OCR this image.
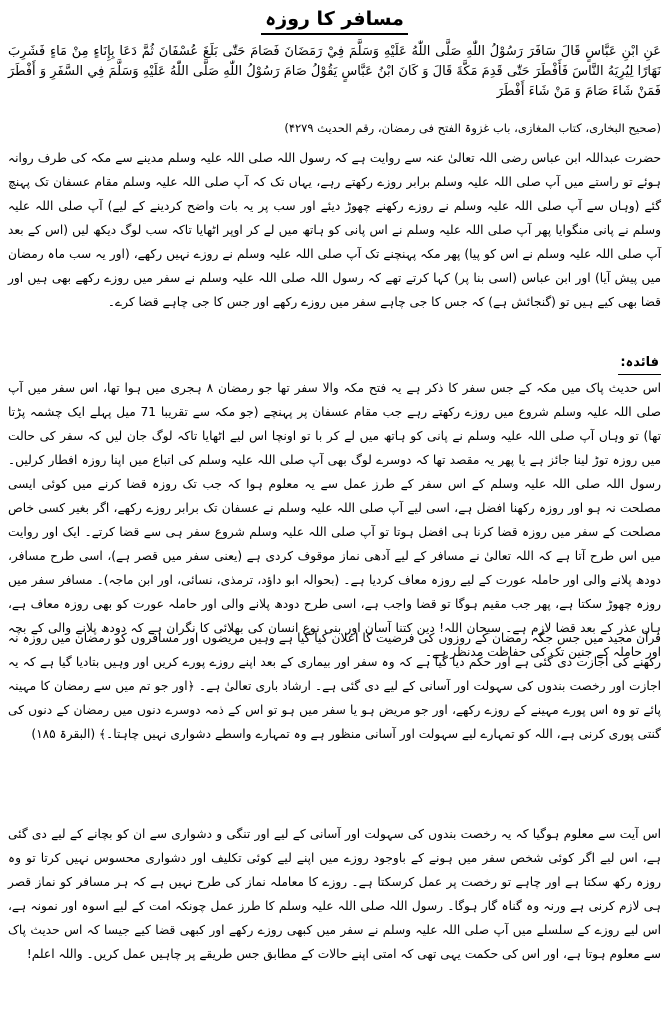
مسافر کا روزہ
عَنِ ابْنِ عَبَّاسٍ قَالَ سَافَرَ رَسُوْلُ اللّٰهِ صَلَّى اللّٰهُ عَلَيْهِ وَسَلَّمَ فِيْ رَمَضَانَ فَصَامَ حَتّٰى بَلَغَ عُسْفَانَ ثُمَّ دَعَا بِإِنَاءٍ مِنْ مَاءٍ فَشَرِبَ نَهَارًا لِيُرِيَهُ النَّاسَ فَأَفْطَرَ حَتّٰى قَدِمَ مَكَّةَ قَالَ وَ كَانَ ابْنُ عَبَّاسٍ يَقُوْلُ صَامَ رَسُوْلُ اللّٰهِ صَلَّى اللّٰهُ عَلَيْهِ وَسَلَّمَ فِي السَّفَرِ وَ أَفْطَرَ فَمَنْ شَاءَ صَامَ وَ مَنْ شَاءَ أَفْطَرَ
(صحیح البخاری، کتاب المغازی، باب غزوۃ الفتح فی رمضان، رقم الحدیث ۴۲۷۹)
حضرت عبداللہ ابن عباس رضی اللہ تعالیٰ عنہ سے روایت ہے کہ رسول اللہ صلی اللہ علیہ وسلم مدینے سے مکہ کی طرف روانہ ہوئے تو راستے میں آپ صلی اللہ علیہ وسلم برابر روزے رکھتے رہے، یہاں تک کہ آپ صلی اللہ علیہ وسلم مقام عسفان تک پہنچ گئے (وہاں سے آپ صلی اللہ علیہ وسلم نے روزے رکھنے چھوڑ دیئے اور سب پر یہ بات واضح کردینے کے لیے) آپ صلی اللہ علیہ وسلم نے پانی منگوایا پھر آپ صلی اللہ علیہ وسلم نے اس پانی کو ہاتھ میں لے کر اوپر اٹھایا تاکہ سب لوگ دیکھ لیں (اس کے بعد آپ صلی اللہ علیہ وسلم نے اس کو پیا) پھر مکہ پہنچنے تک آپ صلی اللہ علیہ وسلم نے روزے نہیں رکھے، (اور یہ سب ماہ رمضان میں پیش آیا) اور ابن عباس (اسی بنا پر) کہا کرتے تھے کہ رسول اللہ صلی اللہ علیہ وسلم نے سفر میں روزے رکھے بھی ہیں اور قضا بھی کیے ہیں تو (گنجائش ہے) کہ جس کا جی چاہے سفر میں روزے رکھے اور جس کا جی چاہے قضا کرے۔
فائدہ:
اس حدیث پاک میں مکہ کے جس سفر کا ذکر ہے یہ فتح مکہ والا سفر تھا جو رمضان ۸ ہجری میں ہوا تھا، اس سفر میں آپ صلی اللہ علیہ وسلم شروع میں روزے رکھتے رہے جب مقام عسفان پر پہنچے (جو مکہ سے تقریبا 71 میل پہلے ایک چشمہ پڑتا تھا) تو وہاں آپ صلی اللہ علیہ وسلم نے پانی کو ہاتھ میں لے کر با تو اونچا اس لیے اٹھایا تاکہ لوگ جان لیں کہ سفر کی حالت میں روزہ توڑ لینا جائز ہے یا پھر یہ مقصد تھا کہ دوسرے لوگ بھی آپ صلی اللہ علیہ وسلم کی اتباع میں اپنا روزہ افطار کرلیں۔ رسول اللہ صلی اللہ علیہ وسلم کے اس سفر کے طرز عمل سے یہ معلوم ہوا کہ جب تک روزہ قضا کرنے میں کوئی ایسی مصلحت نہ ہو اور روزہ رکھنا افضل ہے، اسی لیے آپ صلی اللہ علیہ وسلم نے عسفان تک برابر روزے رکھے، اگر بغیر کسی خاص مصلحت کے سفر میں روزہ قضا کرنا ہی افضل ہوتا تو آپ صلی اللہ علیہ وسلم شروع سفر ہی سے قضا کرتے۔ ایک اور روایت میں اس طرح آتا ہے کہ اللہ تعالیٰ نے مسافر کے لیے آدھی نماز موقوف کردی ہے (یعنی سفر میں قصر ہے)، اسی طرح مسافر، دودھ پلانے والی اور حاملہ عورت کے لیے روزہ معاف کردیا ہے۔ (بحوالہ ابو داؤد، ترمذی، نسائی، اور ابن ماجہ)۔ مسافر سفر میں روزہ چھوڑ سکتا ہے، پھر جب مقیم ہوگا تو قضا واجب ہے، اسی طرح دودھ پلانے والی اور حاملہ عورت کو بھی روزہ معاف ہے، ہاں عذر کے بعد قضا لازم ہے۔ سبحان اللہ! دین کتنا آسان اور بنی نوع انسان کی بھلائی کا نگران ہے کہ دودھ پلانے والی کے بچہ اور حاملہ کے جنین تک کی حفاظت مدنظر ہے۔
قرآن مجید میں جس جگہ رمضان کے روزوں کی فرضیت کا اعلان کیا گیا ہے وہیں مریضوں اور مسافروں کو رمضان میں روزہ نہ رکھنے کی اجازت دی گئی ہے اور حکم دیا گیا ہے کہ وہ سفر اور بیماری کے بعد اپنے روزے پورے کریں اور وہیں بتادیا گیا ہے کہ یہ اجازت اور رخصت بندوں کی سہولت اور آسانی کے لیے دی گئی ہے۔ ارشاد باری تعالیٰ ہے۔ ﴿اور جو تم میں سے رمضان کا مہینہ پائے تو وہ اس پورے مہینے کے روزے رکھے، اور جو مریض ہو یا سفر میں ہو تو اس کے ذمہ دوسرے دنوں میں رمضان کے دنوں کی گنتی پوری کرنی ہے، اللہ کو تمہارے لیے سہولت اور آسانی منظور ہے وہ تمہارے واسطے دشواری نہیں چاہتا۔﴾ (البقرۃ ۱۸۵)
اس آیت سے معلوم ہوگیا کہ یہ رخصت بندوں کی سہولت اور آسانی کے لیے اور تنگی و دشواری سے ان کو بچانے کے لیے دی گئی ہے، اس لیے اگر کوئی شخص سفر میں ہونے کے باوجود روزے میں اپنے لیے کوئی تکلیف اور دشواری محسوس نہیں کرتا تو وہ روزہ رکھ سکتا ہے اور چاہے تو رخصت پر عمل کرسکتا ہے۔ روزے کا معاملہ نماز کی طرح نہیں ہے کہ ہر مسافر کو نماز قصر ہی لازم کرنی ہے ورنہ وہ گناہ گار ہوگا۔ رسول اللہ صلی اللہ علیہ وسلم کا طرز عمل چونکہ امت کے لیے اسوہ اور نمونہ ہے، اس لیے روزے کے سلسلے میں آپ صلی اللہ علیہ وسلم نے سفر میں کبھی روزے رکھے اور کبھی قضا کیے جیسا کہ اس حدیث پاک سے معلوم ہوتا ہے، اور اس کی حکمت یہی تھی کہ امتی اپنے حالات کے مطابق جس طریقے پر چاہیں عمل کریں۔ واللہ اعلم!
